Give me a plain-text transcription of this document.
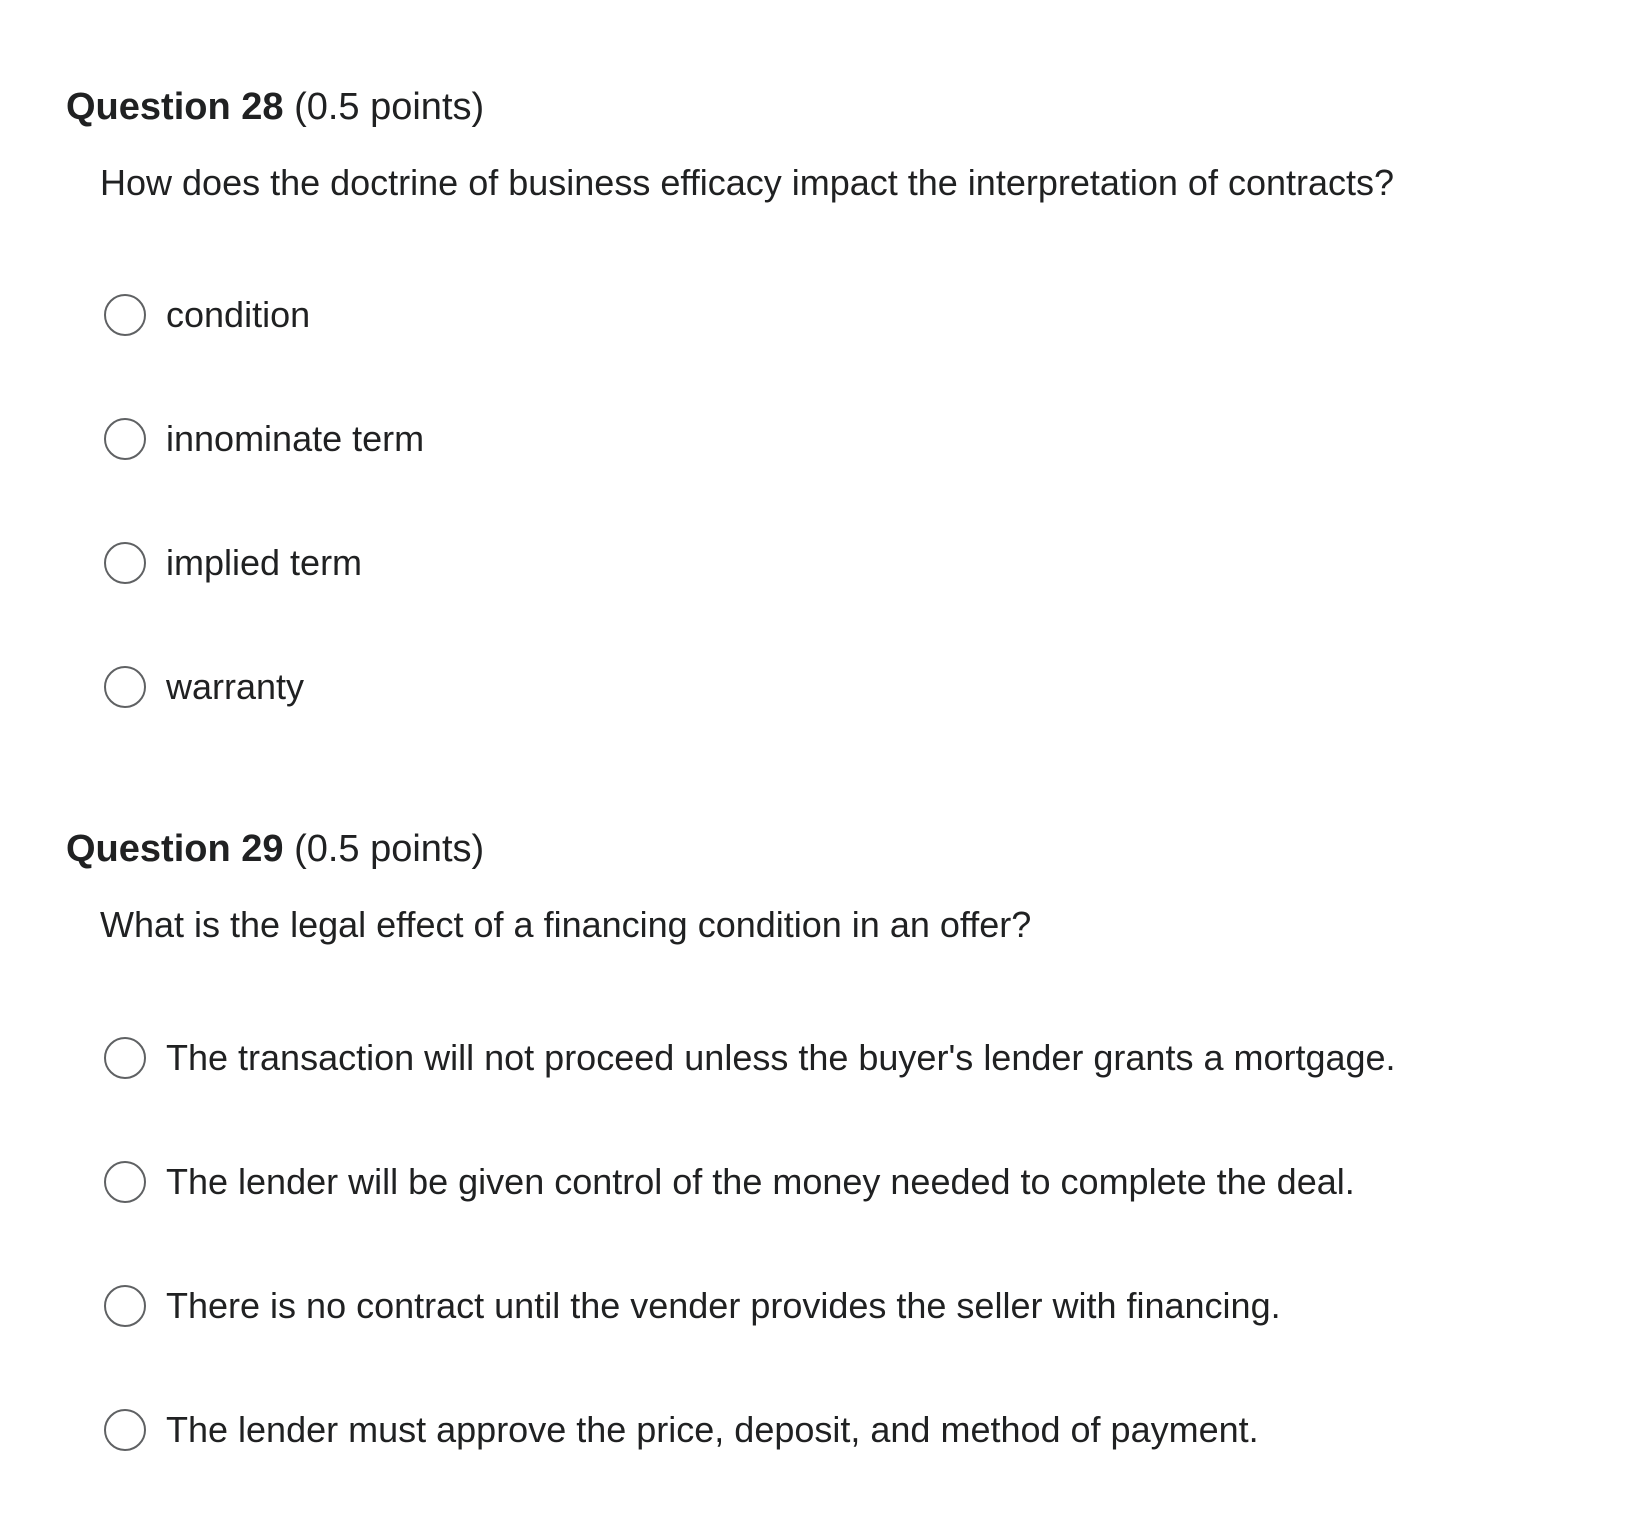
Question 28 (0.5 points)
How does the doctrine of business efficacy impact the interpretation of contracts?
condition
innominate term
implied term
warranty
Question 29 (0.5 points)
What is the legal effect of a financing condition in an offer?
The transaction will not proceed unless the buyer's lender grants a mortgage.
The lender will be given control of the money needed to complete the deal.
There is no contract until the vender provides the seller with financing.
The lender must approve the price, deposit, and method of payment.
